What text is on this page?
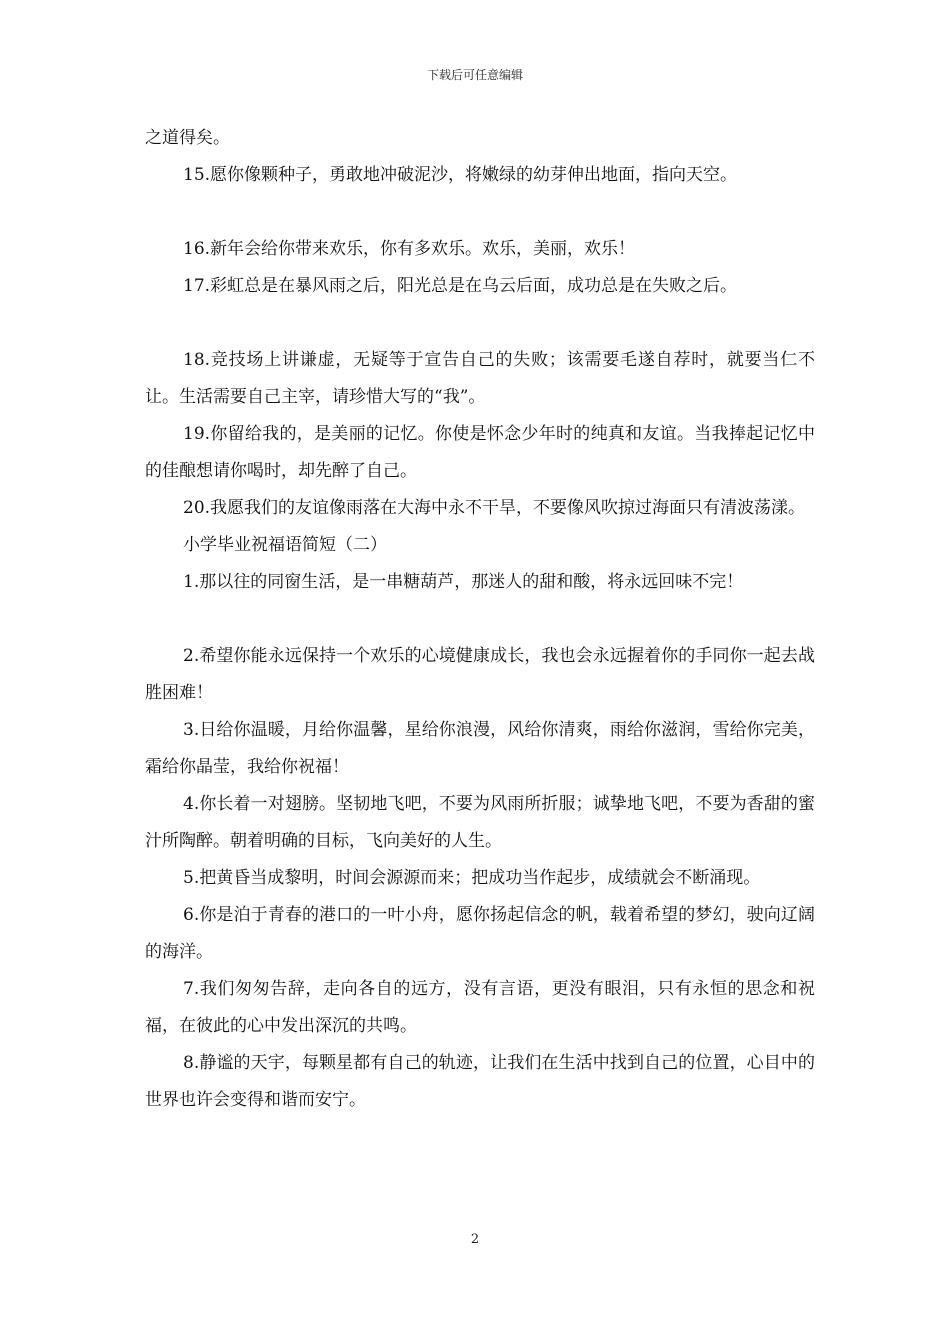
下载后可任意编辑

之道得矣。

15.愿你像颗种子，勇敢地冲破泥沙，将嫩绿的幼芽伸出地面，指向天空。

16.新年会给你带来欢乐，你有多欢乐。欢乐，美丽，欢乐！

17.彩虹总是在暴风雨之后，阳光总是在乌云后面，成功总是在失败之后。

18.竞技场上讲谦虚，无疑等于宣告自己的失败；该需要毛遂自荐时，就要当仁不让。生活需要自己主宰，请珍惜大写的“我”。

19.你留给我的，是美丽的记忆。你使是怀念少年时的纯真和友谊。当我捧起记忆中的佳酿想请你喝时，却先醉了自己。

20.我愿我们的友谊像雨落在大海中永不干旱，不要像风吹掠过海面只有清波荡漾。

小学毕业祝福语简短（二）

1.那以往的同窗生活，是一串糖葫芦，那迷人的甜和酸，将永远回味不完！

2.希望你能永远保持一个欢乐的心境健康成长，我也会永远握着你的手同你一起去战胜困难！

3.日给你温暖，月给你温馨，星给你浪漫，风给你清爽，雨给你滋润，雪给你完美，霜给你晶莹，我给你祝福！

4.你长着一对翅膀。坚韧地飞吧，不要为风雨所折服；诚挚地飞吧，不要为香甜的蜜汁所陶醉。朝着明确的目标，飞向美好的人生。

5.把黄昏当成黎明，时间会源源而来；把成功当作起步，成绩就会不断涌现。

6.你是泊于青春的港口的一叶小舟，愿你扬起信念的帆，载着希望的梦幻，驶向辽阔的海洋。

7.我们匆匆告辞，走向各自的远方，没有言语，更没有眼泪，只有永恒的思念和祝福，在彼此的心中发出深沉的共鸣。

8.静谧的天宇，每颗星都有自己的轨迹，让我们在生活中找到自己的位置，心目中的世界也许会变得和谐而安宁。

2
